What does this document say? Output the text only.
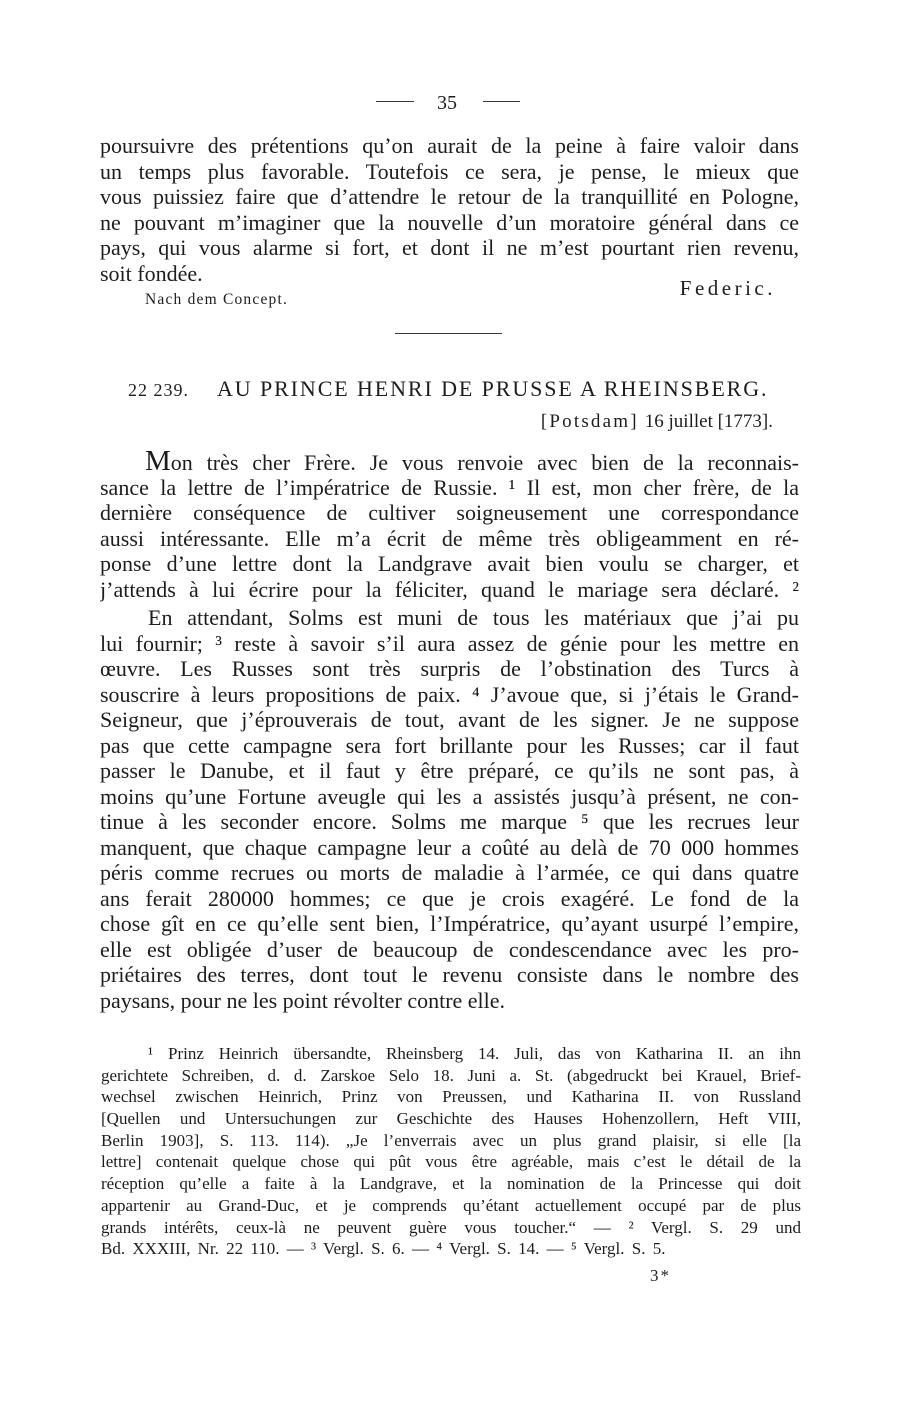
35
poursuivre des prétentions qu’on aurait de la peine à faire valoir dans
un temps plus favorable. Toutefois ce sera, je pense, le mieux que
vous puissiez faire que d’attendre le retour de la tranquillité en Pologne,
ne pouvant m’imaginer que la nouvelle d’un moratoire général dans ce
pays, qui vous alarme si fort, et dont il ne m’est pourtant rien revenu,
soit fondée.
Federic.
Nach dem Concept.
22 239. AU PRINCE HENRI DE PRUSSE A RHEINSBERG.
[Potsdam] 16 juillet [1773].
Mon très cher Frère. Je vous renvoie avec bien de la reconnais-
sance la lettre de l’impératrice de Russie. ¹ Il est, mon cher frère, de la
dernière conséquence de cultiver soigneusement une correspondance
aussi intéressante. Elle m’a écrit de même très obligeamment en ré-
ponse d’une lettre dont la Landgrave avait bien voulu se charger, et
j’attends à lui écrire pour la féliciter, quand le mariage sera déclaré. ²
En attendant, Solms est muni de tous les matériaux que j’ai pu
lui fournir; ³ reste à savoir s’il aura assez de génie pour les mettre en
œuvre. Les Russes sont très surpris de l’obstination des Turcs à
souscrire à leurs propositions de paix. ⁴ J’avoue que, si j’étais le Grand-
Seigneur, que j’éprouverais de tout, avant de les signer. Je ne suppose
pas que cette campagne sera fort brillante pour les Russes; car il faut
passer le Danube, et il faut y être préparé, ce qu’ils ne sont pas, à
moins qu’une Fortune aveugle qui les a assistés jusqu’à présent, ne con-
tinue à les seconder encore. Solms me marque ⁵ que les recrues leur
manquent, que chaque campagne leur a coûté au delà de 70 000 hommes
péris comme recrues ou morts de maladie à l’armée, ce qui dans quatre
ans ferait 280000 hommes; ce que je crois exagéré. Le fond de la
chose gît en ce qu’elle sent bien, l’Impératrice, qu’ayant usurpé l’empire,
elle est obligée d’user de beaucoup de condescendance avec les pro-
priétaires des terres, dont tout le revenu consiste dans le nombre des
paysans, pour ne les point révolter contre elle.
¹ Prinz Heinrich übersandte, Rheinsberg 14. Juli, das von Katharina II. an ihn
gerichtete Schreiben, d. d. Zarskoe Selo 18. Juni a. St. (abgedruckt bei Krauel, Brief-
wechsel zwischen Heinrich, Prinz von Preussen, und Katharina II. von Russland
[Quellen und Untersuchungen zur Geschichte des Hauses Hohenzollern, Heft VIII,
Berlin 1903], S. 113. 114). „Je l’enverrais avec un plus grand plaisir, si elle [la
lettre] contenait quelque chose qui pût vous être agréable, mais c’est le détail de la
réception qu’elle a faite à la Landgrave, et la nomination de la Princesse qui doit
appartenir au Grand-Duc, et je comprends qu’étant actuellement occupé par de plus
grands intérêts, ceux-là ne peuvent guère vous toucher.“ — ² Vergl. S. 29 und
Bd. XXXIII, Nr. 22 110. — ³ Vergl. S. 6. — ⁴ Vergl. S. 14. — ⁵ Vergl. S. 5.
3*
